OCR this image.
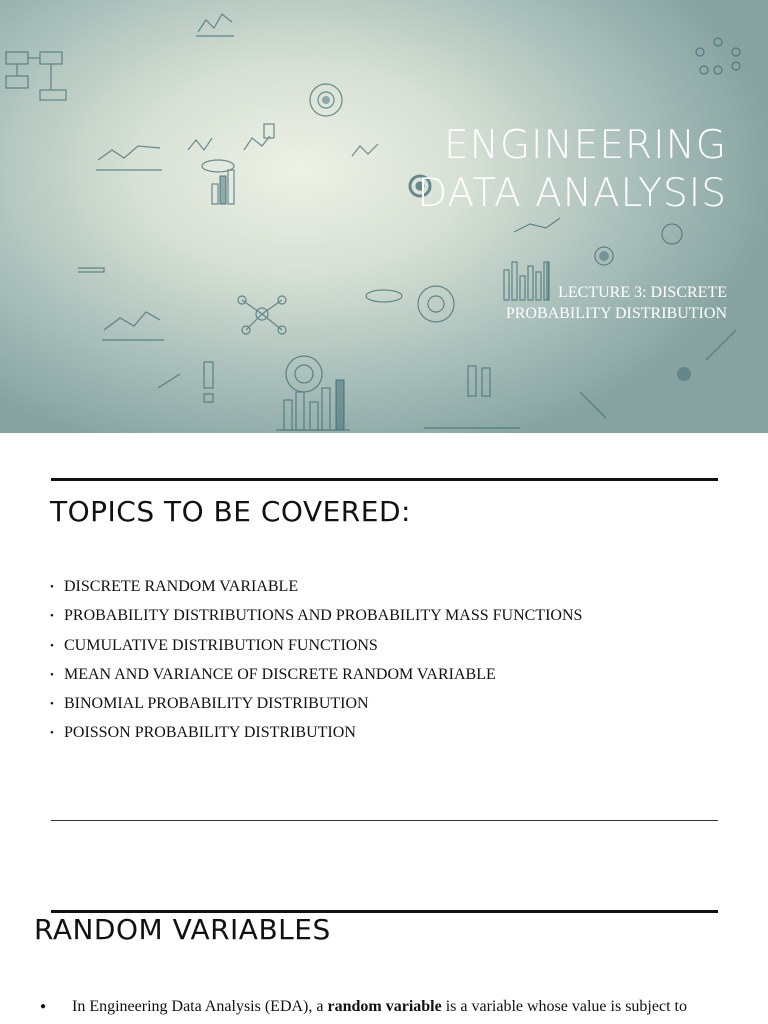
ENGINEERING
DATA ANALYSIS
LECTURE 3: DISCRETE
PROBABILITY DISTRIBUTION
TOPICS TO BE COVERED:
• DISCRETE RANDOM VARIABLE
• PROBABILITY DISTRIBUTIONS AND PROBABILITY MASS FUNCTIONS
• CUMULATIVE DISTRIBUTION FUNCTIONS
• MEAN AND VARIANCE OF DISCRETE RANDOM VARIABLE
• BINOMIAL PROBABILITY DISTRIBUTION
• POISSON PROBABILITY DISTRIBUTION
RANDOM VARIABLES
● In Engineering Data Analysis (EDA), a random variable is a variable whose value is subject to
